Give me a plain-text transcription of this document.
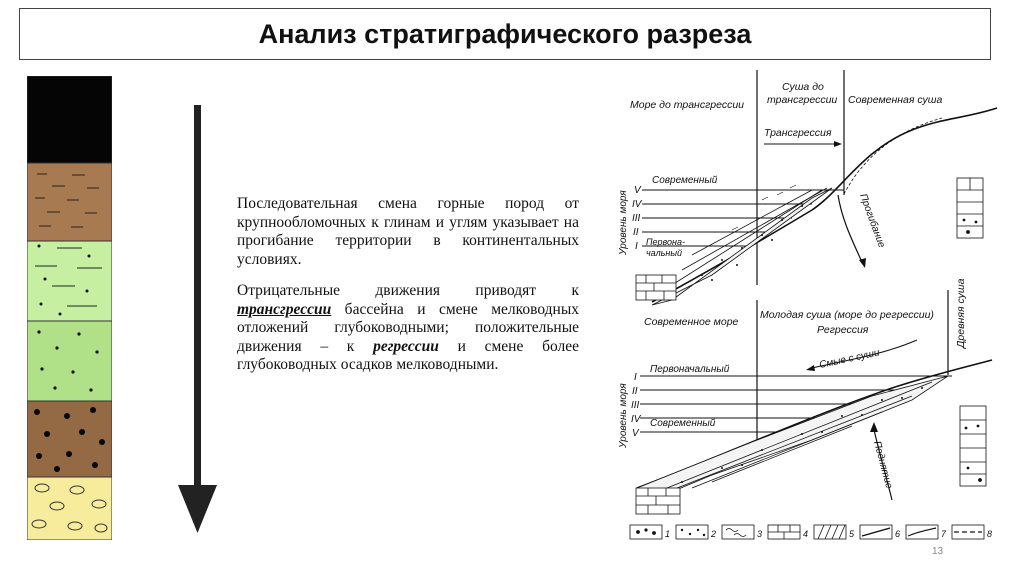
Анализ стратиграфического разреза

Последовательная смена горные пород от крупнообломочных к глинам и углям указывает на прогибание территории в континентальных условиях.

Отрицательные движения приводят к трансгрессии бассейна и смене мелководных отложений глубоководными; положительные движения – к регрессии и смене более глубоководных осадков мелководными.

Море до трансгрессии
Суша до
трансгрессии Современная суша
Трансгрессия
Современный
V
IV
III
II
I Первона-
чальный
Уровень моря	Прогибание
Современное море
Молодая суша (море до регрессии)
Регрессия	Древняя суша
Смые с суши
Первоначальный
Современный
I
II
III
IV
V
Уровень моря
Поднятие
1	2	3	4	5	6	7	8
13
